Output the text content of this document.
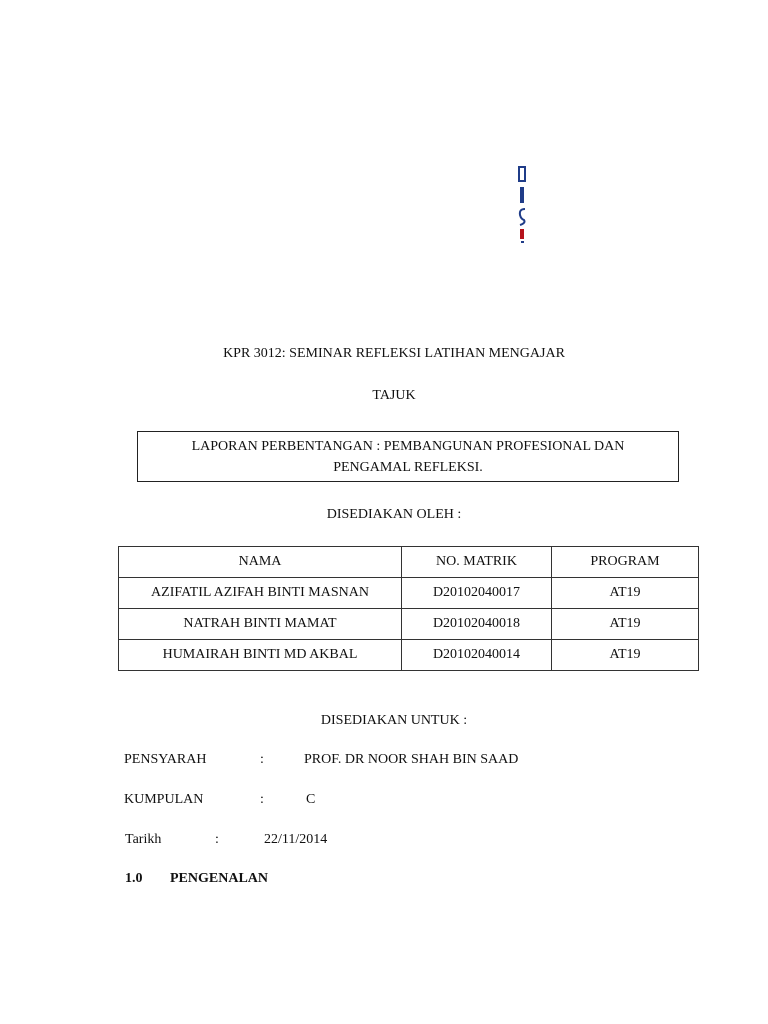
KPR 3012: SEMINAR REFLEKSI LATIHAN MENGAJAR
TAJUK
LAPORAN PERBENTANGAN : PEMBANGUNAN PROFESIONAL DAN
PENGAMAL REFLEKSI.
DISEDIAKAN OLEH :
NAMA	NO. MATRIK	PROGRAM
AZIFATIL AZIFAH BINTI MASNAN	D20102040017	AT19
NATRAH BINTI MAMAT	D20102040018	AT19
HUMAIRAH BINTI MD AKBAL	D20102040014	AT19
DISEDIAKAN UNTUK :
PENSYARAH	:	PROF. DR NOOR SHAH BIN SAAD
KUMPULAN	:	C
Tarikh	:	22/11/2014
1.0 PENGENALAN
